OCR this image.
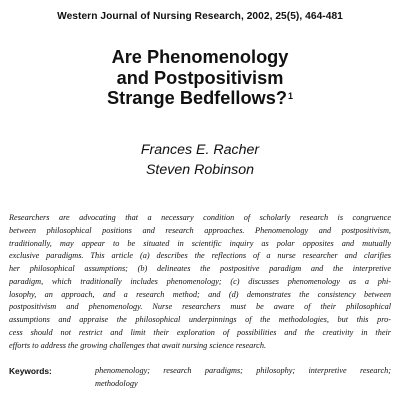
Western Journal of Nursing Research, 2002, 25(5), 464-481
Are Phenomenology
and Postpositivism
Strange Bedfellows?$^1$
Frances E. Racher
Steven Robinson
Researchers are advocating that a necessary condition of scholarly research is congruence
between philosophical positions and research approaches. Phenomenology and postpositivism,
traditionally, may appear to be situated in scientific inquiry as polar opposites and mutually
exclusive paradigms. This article (a) describes the reflections of a nurse researcher and clarifies
her philosophical assumptions; (b) delineates the postpositive paradigm and the interpretive
paradigm, which traditionally includes phenomenology; (c) discusses phenomenology as a phi-
losophy, an approach, and a research method; and (d) demonstrates the consistency between
postpositivism and phenomenology. Nurse researchers must be aware of their philosophical
assumptions and appraise the philosophical underpinnings of the methodologies, but this pro-
cess should not restrict and limit their exploration of possibilities and the creativity in their
efforts to address the growing challenges that await nursing science research.
Keywords:	phenomenology; research paradigms; philosophy; interpretive research;
methodology
